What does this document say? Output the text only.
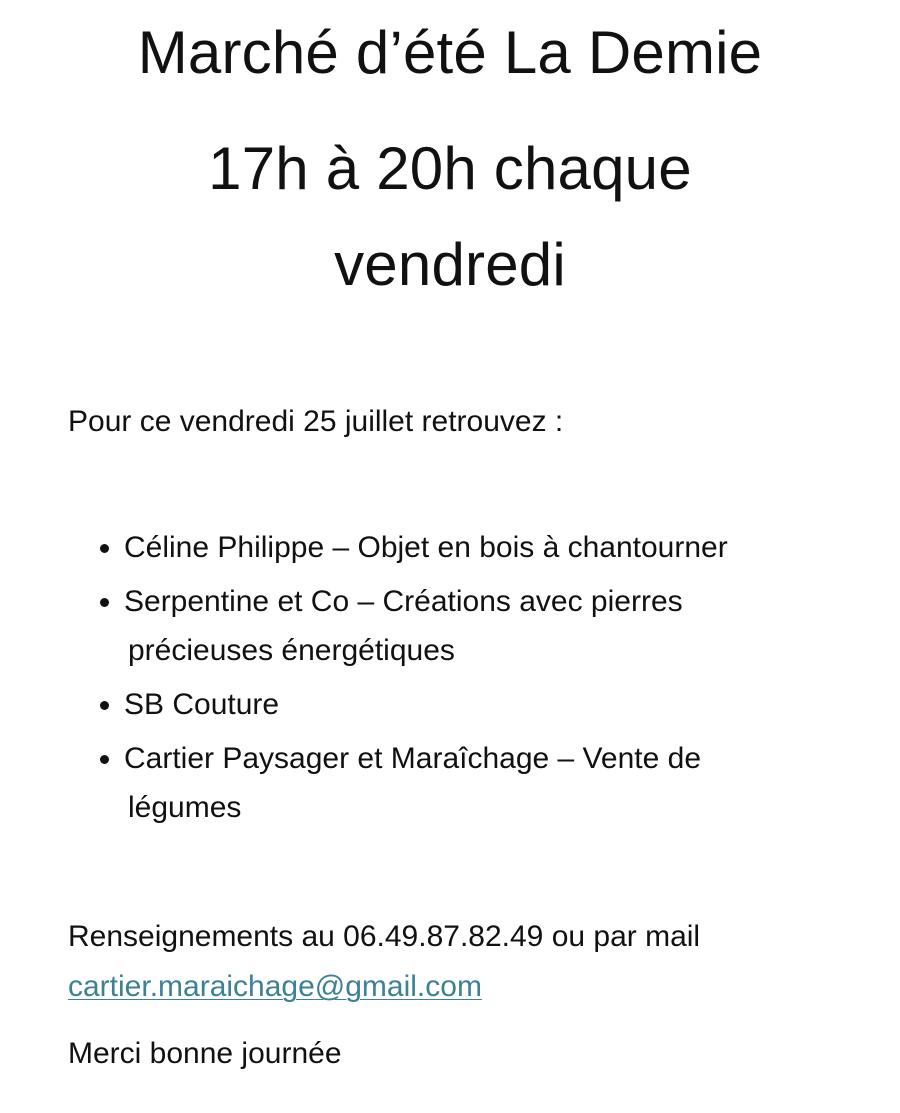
Marché d’été La Demie
17h à 20h chaque
vendredi

Pour ce vendredi 25 juillet retrouvez :

Céline Philippe – Objet en bois à chantourner
Serpentine et Co – Créations avec pierres
précieuses énergétiques
SB Couture
Cartier Paysager et Maraîchage – Vente de
légumes

Renseignements au 06.49.87.82.49 ou par mail
cartier.maraichage@gmail.com

Merci bonne journée
